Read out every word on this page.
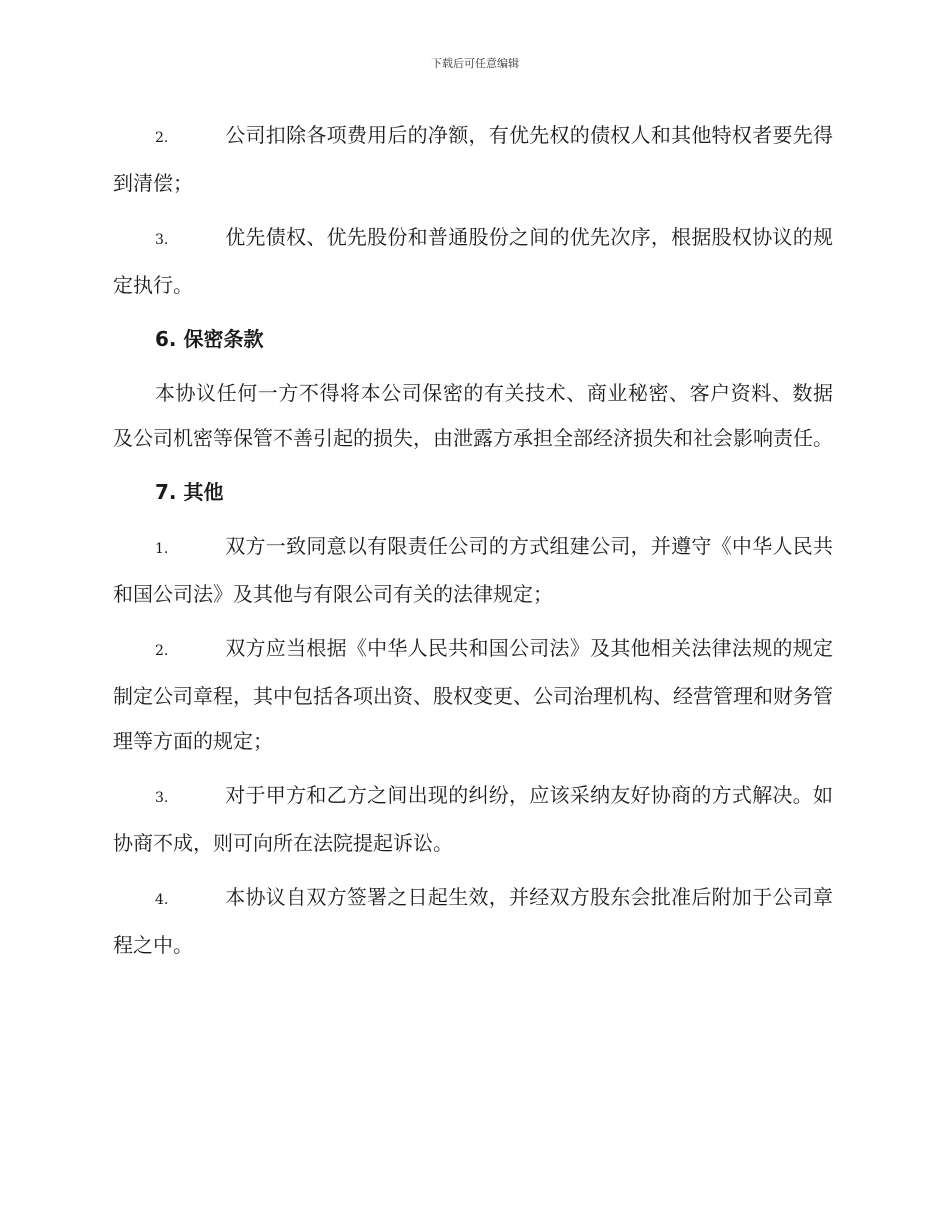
下载后可任意编辑

2.	公司扣除各项费用后的净额，有优先权的债权人和其他特权者要先得到清偿；

3.	优先债权、优先股份和普通股份之间的优先次序，根据股权协议的规定执行。

6. 保密条款

本协议任何一方不得将本公司保密的有关技术、商业秘密、客户资料、数据及公司机密等保管不善引起的损失，由泄露方承担全部经济损失和社会影响责任。

7. 其他

1.	双方一致同意以有限责任公司的方式组建公司，并遵守《中华人民共和国公司法》及其他与有限公司有关的法律规定；

2.	双方应当根据《中华人民共和国公司法》及其他相关法律法规的规定制定公司章程，其中包括各项出资、股权变更、公司治理机构、经营管理和财务管理等方面的规定；

3.	对于甲方和乙方之间出现的纠纷，应该采纳友好协商的方式解决。如协商不成，则可向所在法院提起诉讼。

4.	本协议自双方签署之日起生效，并经双方股东会批准后附加于公司章程之中。
